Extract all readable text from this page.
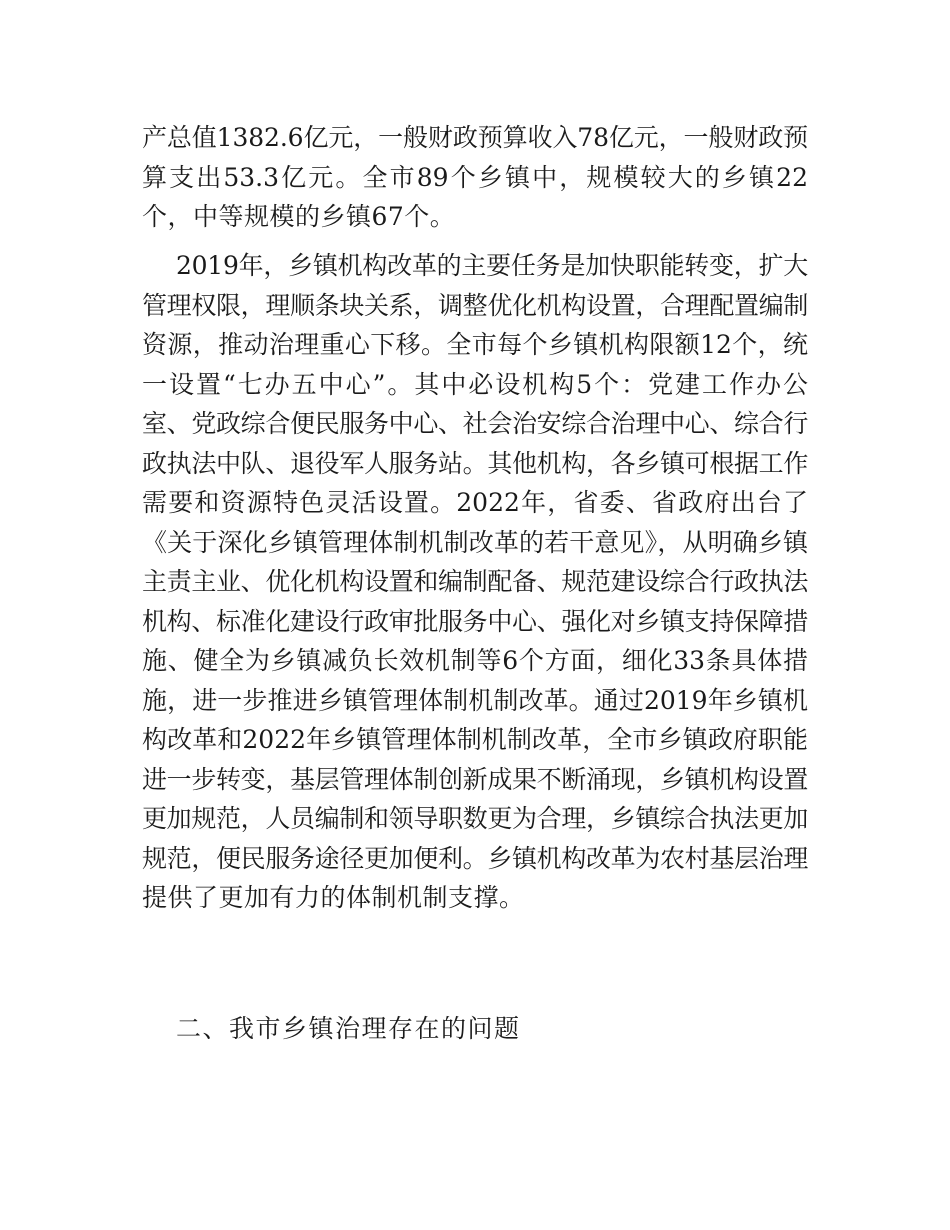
产总值1382.6亿元，一般财政预算收入78亿元，一般财政预
算支出53.3亿元。全市89个乡镇中，规模较大的乡镇22
个，中等规模的乡镇67个。
2019年，乡镇机构改革的主要任务是加快职能转变，扩大
管理权限，理顺条块关系，调整优化机构设置，合理配置编制
资源，推动治理重心下移。全市每个乡镇机构限额12个，统
一设置“七办五中心”。其中必设机构5个：党建工作办公
室、党政综合便民服务中心、社会治安综合治理中心、综合行
政执法中队、退役军人服务站。其他机构，各乡镇可根据工作
需要和资源特色灵活设置。2022年，省委、省政府出台了
《关于深化乡镇管理体制机制改革的若干意见》，从明确乡镇
主责主业、优化机构设置和编制配备、规范建设综合行政执法
机构、标准化建设行政审批服务中心、强化对乡镇支持保障措
施、健全为乡镇减负长效机制等6个方面，细化33条具体措
施，进一步推进乡镇管理体制机制改革。通过2019年乡镇机
构改革和2022年乡镇管理体制机制改革，全市乡镇政府职能
进一步转变，基层管理体制创新成果不断涌现，乡镇机构设置
更加规范，人员编制和领导职数更为合理，乡镇综合执法更加
规范，便民服务途径更加便利。乡镇机构改革为农村基层治理
提供了更加有力的体制机制支撑。
二、我市乡镇治理存在的问题
